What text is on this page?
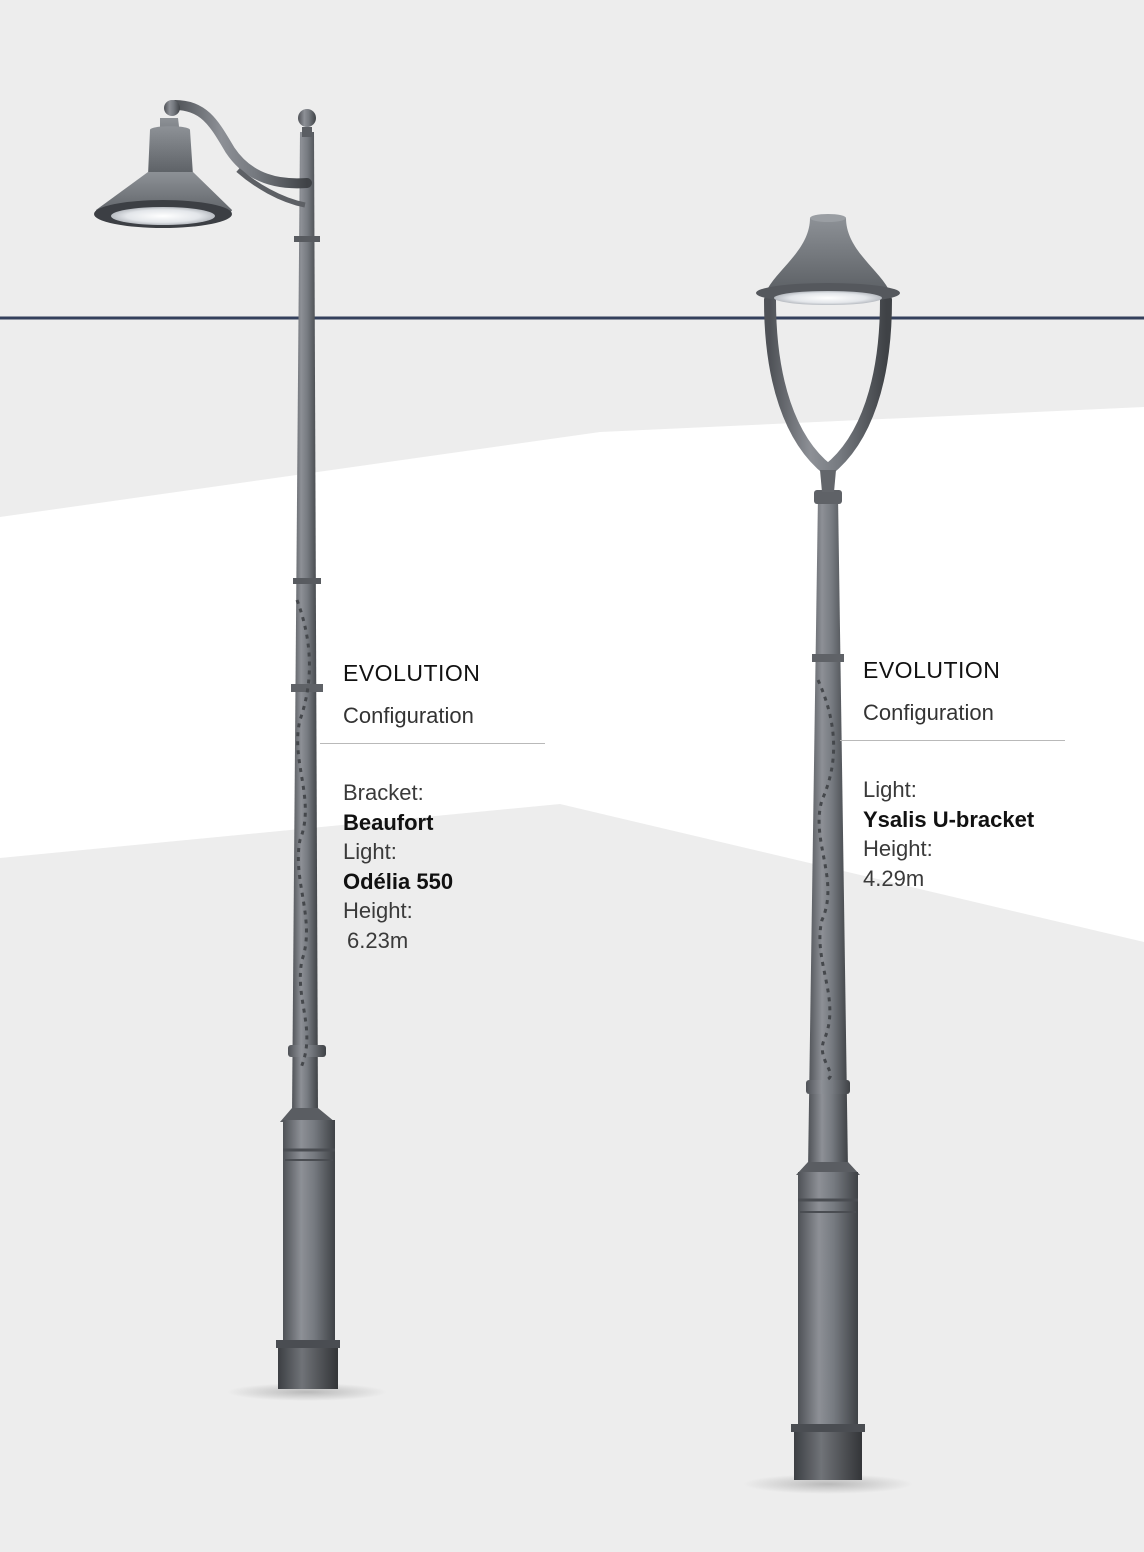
EVOLUTION
Configuration
Bracket:
Beaufort
Light:
Odélia 550
Height:
6.23m
EVOLUTION
Configuration
Light:
Ysalis U-bracket
Height:
4.29m
